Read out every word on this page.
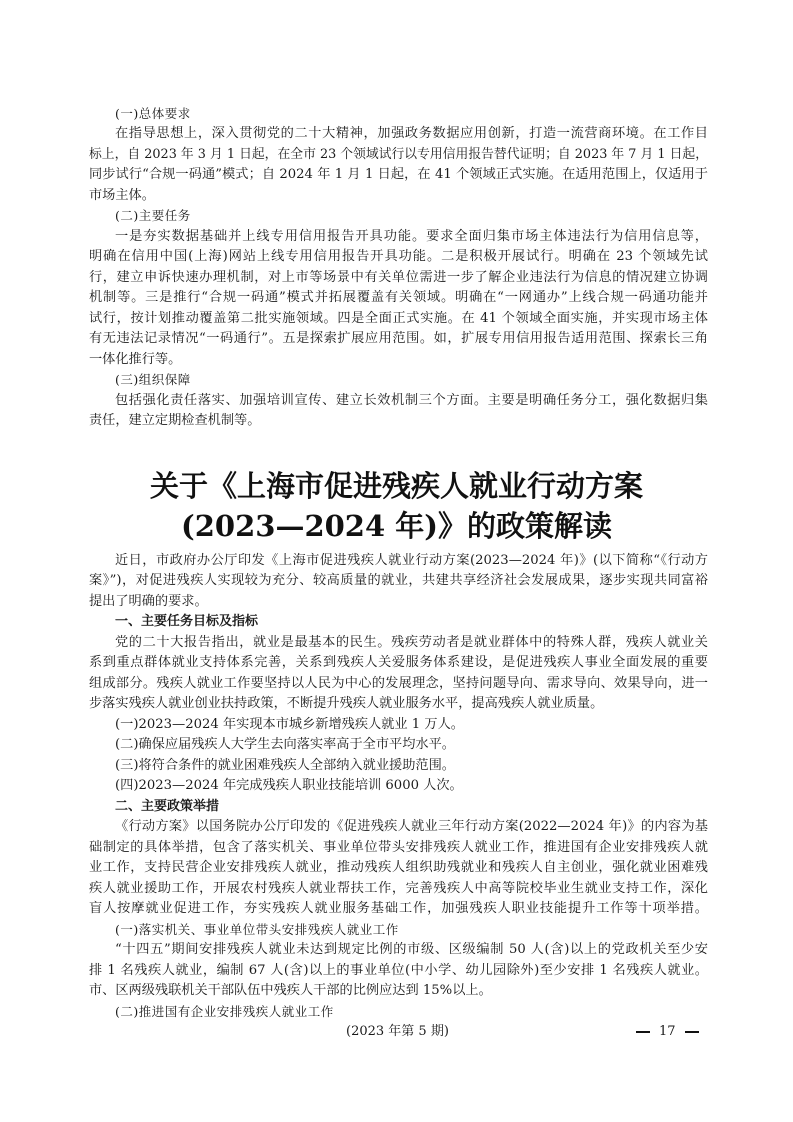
(一)总体要求
在指导思想上，深入贯彻党的二十大精神，加强政务数据应用创新，打造一流营商环境。在工作目
标上，自 2023 年 3 月 1 日起，在全市 23 个领域试行以专用信用报告替代证明；自 2023 年 7 月 1 日起，
同步试行“合规一码通”模式；自 2024 年 1 月 1 日起，在 41 个领域正式实施。在适用范围上，仅适用于
市场主体。
(二)主要任务
一是夯实数据基础并上线专用信用报告开具功能。要求全面归集市场主体违法行为信用信息等，
明确在信用中国(上海)网站上线专用信用报告开具功能。二是积极开展试行。明确在 23 个领域先试
行，建立申诉快速办理机制，对上市等场景中有关单位需进一步了解企业违法行为信息的情况建立协调
机制等。三是推行“合规一码通”模式并拓展覆盖有关领域。明确在“一网通办”上线合规一码通功能并
试行，按计划推动覆盖第二批实施领域。四是全面正式实施。在 41 个领域全面实施，并实现市场主体
有无违法记录情况“一码通行”。五是探索扩展应用范围。如，扩展专用信用报告适用范围、探索长三角
一体化推行等。
(三)组织保障
包括强化责任落实、加强培训宣传、建立长效机制三个方面。主要是明确任务分工，强化数据归集
责任，建立定期检查机制等。
关于《上海市促进残疾人就业行动方案
(2023—2024 年)》的政策解读
近日，市政府办公厅印发《上海市促进残疾人就业行动方案(2023—2024 年)》(以下简称“《行动方
案》”)，对促进残疾人实现较为充分、较高质量的就业，共建共享经济社会发展成果，逐步实现共同富裕
提出了明确的要求。
一、主要任务目标及指标
党的二十大报告指出，就业是最基本的民生。残疾劳动者是就业群体中的特殊人群，残疾人就业关
系到重点群体就业支持体系完善，关系到残疾人关爱服务体系建设，是促进残疾人事业全面发展的重要
组成部分。残疾人就业工作要坚持以人民为中心的发展理念，坚持问题导向、需求导向、效果导向，进一
步落实残疾人就业创业扶持政策，不断提升残疾人就业服务水平，提高残疾人就业质量。
(一)2023—2024 年实现本市城乡新增残疾人就业 1 万人。
(二)确保应届残疾人大学生去向落实率高于全市平均水平。
(三)将符合条件的就业困难残疾人全部纳入就业援助范围。
(四)2023—2024 年完成残疾人职业技能培训 6000 人次。
二、主要政策举措
《行动方案》以国务院办公厅印发的《促进残疾人就业三年行动方案(2022—2024 年)》的内容为基
础制定的具体举措，包含了落实机关、事业单位带头安排残疾人就业工作，推进国有企业安排残疾人就
业工作，支持民营企业安排残疾人就业，推动残疾人组织助残就业和残疾人自主创业，强化就业困难残
疾人就业援助工作，开展农村残疾人就业帮扶工作，完善残疾人中高等院校毕业生就业支持工作，深化
盲人按摩就业促进工作，夯实残疾人就业服务基础工作，加强残疾人职业技能提升工作等十项举措。
(一)落实机关、事业单位带头安排残疾人就业工作
“十四五”期间安排残疾人就业未达到规定比例的市级、区级编制 50 人(含)以上的党政机关至少安
排 1 名残疾人就业，编制 67 人(含)以上的事业单位(中小学、幼儿园除外)至少安排 1 名残疾人就业。
市、区两级残联机关干部队伍中残疾人干部的比例应达到 15%以上。
(二)推进国有企业安排残疾人就业工作
(2023 年第 5 期)	17
